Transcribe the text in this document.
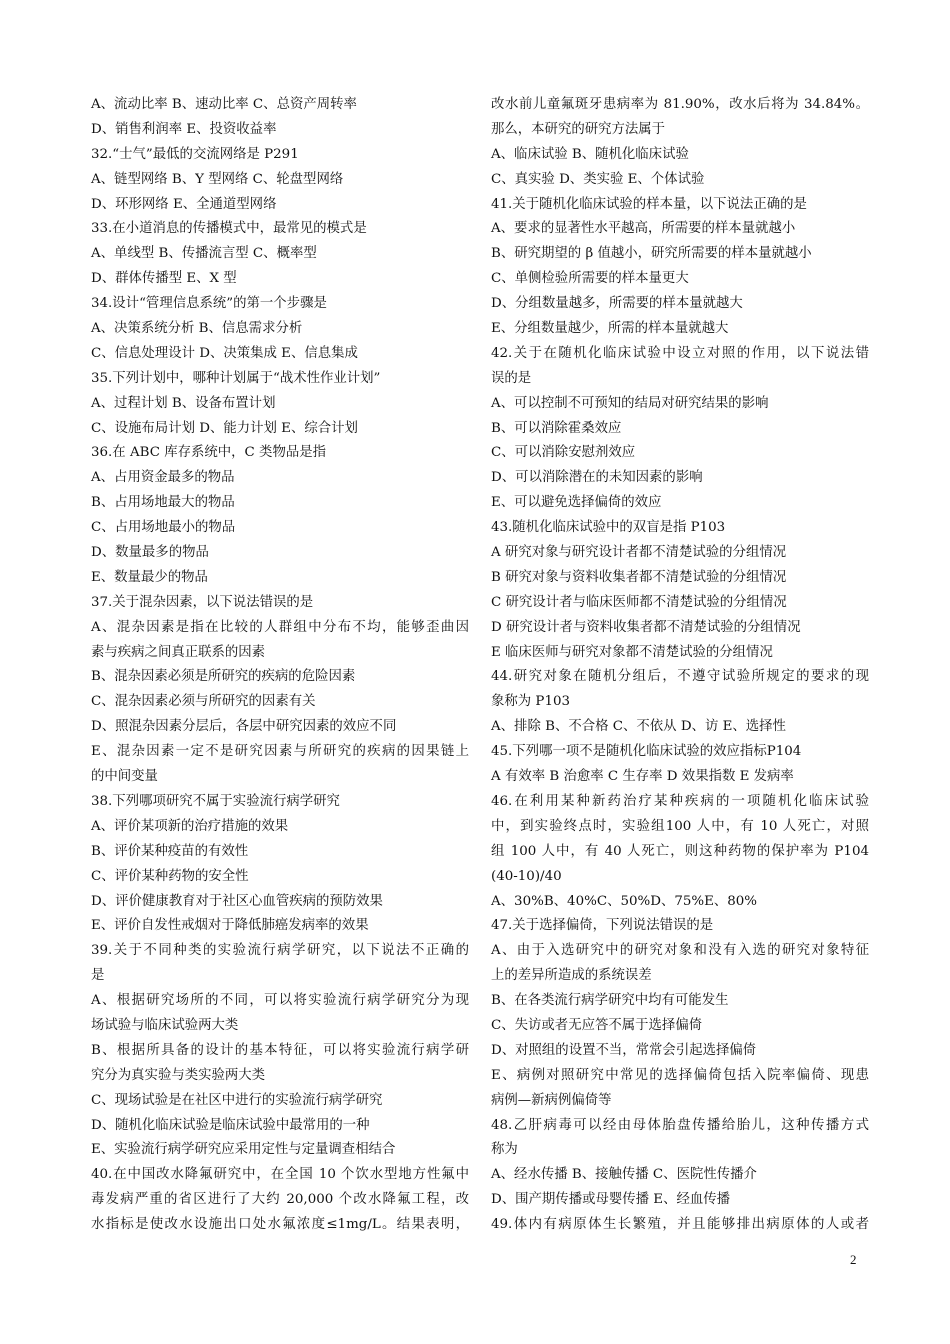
A、流动比率 B、速动比率 C、总资产周转率
D、销售利润率 E、投资收益率
32.“士气”最低的交流网络是 P291
A、链型网络 B、Y 型网络 C、轮盘型网络
D、环形网络 E、全通道型网络
33.在小道消息的传播模式中，最常见的模式是
A、单线型 B、传播流言型 C、概率型
D、群体传播型 E、X 型
34.设计“管理信息系统”的第一个步骤是
A、决策系统分析 B、信息需求分析
C、信息处理设计 D、决策集成 E、信息集成
35.下列计划中，哪种计划属于“战术性作业计划”
A、过程计划 B、设备布置计划
C、设施布局计划 D、能力计划 E、综合计划
36.在 ABC 库存系统中，C 类物品是指
A、占用资金最多的物品
B、占用场地最大的物品
C、占用场地最小的物品
D、数量最多的物品
E、数量最少的物品
37.关于混杂因素，以下说法错误的是
A、混杂因素是指在比较的人群组中分布不均，能够歪曲因
素与疾病之间真正联系的因素
B、混杂因素必须是所研究的疾病的危险因素
C、混杂因素必须与所研究的因素有关
D、照混杂因素分层后，各层中研究因素的效应不同
E、混杂因素一定不是研究因素与所研究的疾病的因果链上
的中间变量
38.下列哪项研究不属于实验流行病学研究
A、评价某项新的治疗措施的效果
B、评价某种疫苗的有效性
C、评价某种药物的安全性
D、评价健康教育对于社区心血管疾病的预防效果
E、评价自发性戒烟对于降低肺癌发病率的效果
39.关于不同种类的实验流行病学研究，以下说法不正确的
是
A、根据研究场所的不同，可以将实验流行病学研究分为现
场试验与临床试验两大类
B、根据所具备的设计的基本特征，可以将实验流行病学研
究分为真实验与类实验两大类
C、现场试验是在社区中进行的实验流行病学研究
D、随机化临床试验是临床试验中最常用的一种
E、实验流行病学研究应采用定性与定量调查相结合
40.在中国改水降氟研究中，在全国 10 个饮水型地方性氟中
毒发病严重的省区进行了大约 20,000 个改水降氟工程，改
水指标是使改水设施出口处水氟浓度≤1mg/L。结果表明，
改水前儿童氟斑牙患病率为 81.90%，改水后将为 34.84%。
那么，本研究的研究方法属于
A、临床试验 B、随机化临床试验
C、真实验 D、类实验 E、个体试验
41.关于随机化临床试验的样本量，以下说法正确的是
A、要求的显著性水平越高，所需要的样本量就越小
B、研究期望的 β 值越小，研究所需要的样本量就越小
C、单侧检验所需要的样本量更大
D、分组数量越多，所需要的样本量就越大
E、分组数量越少，所需的样本量就越大
42.关于在随机化临床试验中设立对照的作用，以下说法错
误的是
A、可以控制不可预知的结局对研究结果的影响
B、可以消除霍桑效应
C、可以消除安慰剂效应
D、可以消除潜在的未知因素的影响
E、可以避免选择偏倚的效应
43.随机化临床试验中的双盲是指 P103
A 研究对象与研究设计者都不清楚试验的分组情况
B 研究对象与资料收集者都不清楚试验的分组情况
C 研究设计者与临床医师都不清楚试验的分组情况
D 研究设计者与资料收集者都不清楚试验的分组情况
E 临床医师与研究对象都不清楚试验的分组情况
44.研究对象在随机分组后，不遵守试验所规定的要求的现
象称为 P103
A、排除 B、不合格 C、不依从 D、访 E、选择性
45.下列哪一项不是随机化临床试验的效应指标P104
A 有效率 B 治愈率 C 生存率 D 效果指数 E 发病率
46.在利用某种新药治疗某种疾病的一项随机化临床试验
中，到实验终点时，实验组100 人中，有 10 人死亡，对照
组 100 人中，有 40 人死亡，则这种药物的保护率为 P104
(40-10)/40
A、30%B、40%C、50%D、75%E、80%
47.关于选择偏倚，下列说法错误的是
A、由于入选研究中的研究对象和没有入选的研究对象特征
上的差异所造成的系统误差
B、在各类流行病学研究中均有可能发生
C、失访或者无应答不属于选择偏倚
D、对照组的设置不当，常常会引起选择偏倚
E、病例对照研究中常见的选择偏倚包括入院率偏倚、现患
病例—新病例偏倚等
48.乙肝病毒可以经由母体胎盘传播给胎儿，这种传播方式
称为
A、经水传播 B、接触传播 C、医院性传播介
D、围产期传播或母婴传播 E、经血传播
49.体内有病原体生长繁殖，并且能够排出病原体的人或者
2
